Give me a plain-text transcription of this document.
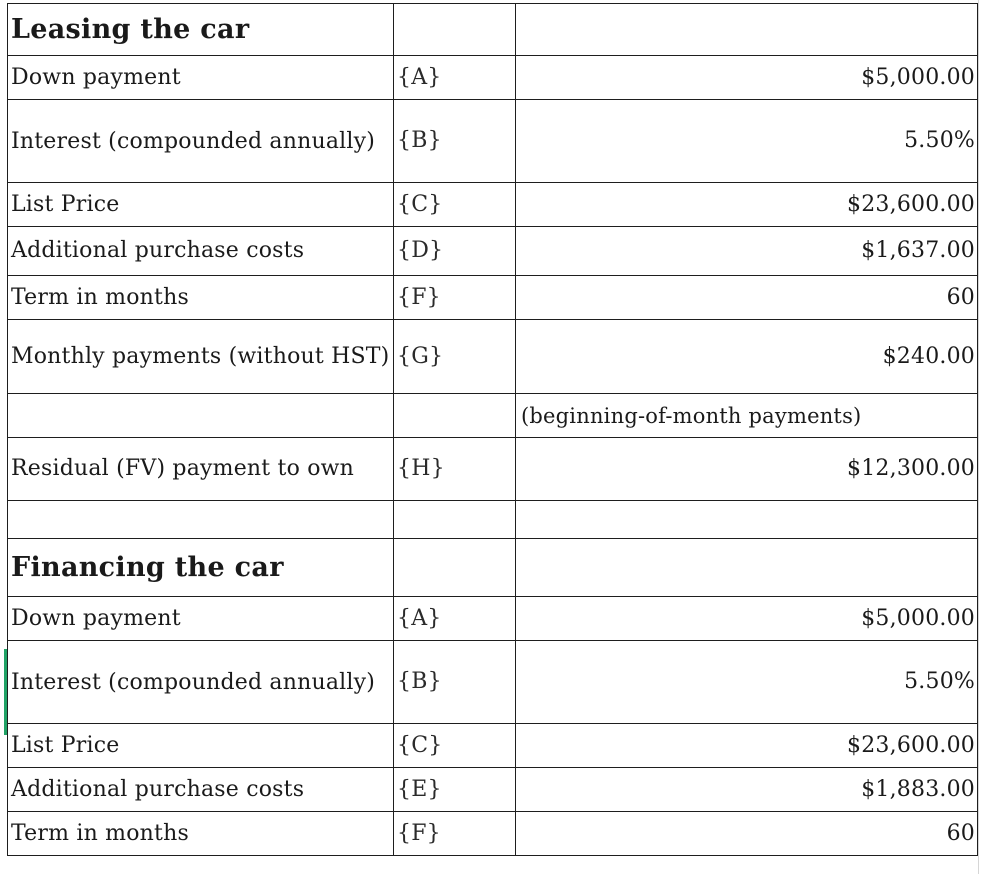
Leasing the car		
Down payment	{A}	$5,000.00
Interest (compounded annually)	{B}	5.50%
List Price	{C}	$23,600.00
Additional purchase costs	{D}	$1,637.00
Term in months	{F}	60
Monthly payments (without HST)	{G}	$240.00
		(beginning-of-month payments)
Residual (FV) payment to own	{H}	$12,300.00

Financing the car		
Down payment	{A}	$5,000.00
Interest (compounded annually)	{B}	5.50%
List Price	{C}	$23,600.00
Additional purchase costs	{E}	$1,883.00
Term in months	{F}	60
